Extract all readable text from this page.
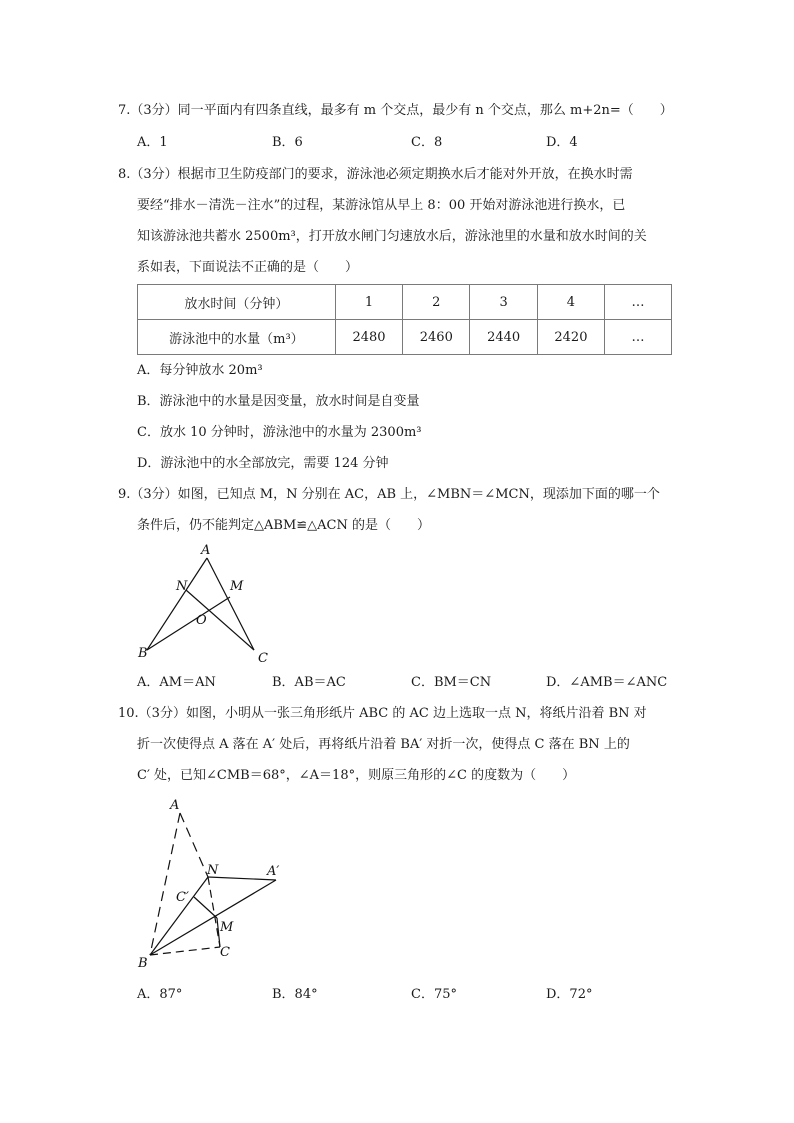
7.（3分）同一平面内有四条直线，最多有 m 个交点，最少有 n 个交点，那么 m+2n=（　　）
A．1	B．6	C．8	D．4
8.（3分）根据市卫生防疫部门的要求，游泳池必须定期换水后才能对外开放，在换水时需
要经“排水－清洗－注水”的过程，某游泳馆从早上 8：00 开始对游泳池进行换水，已
知该游泳池共蓄水 2500m³，打开放水闸门匀速放水后，游泳池里的水量和放水时间的关
系如表，下面说法不正确的是（　　）
放水时间（分钟）	1	2	3	4	…
游泳池中的水量（m³）	2480	2460	2440	2420	…
A．每分钟放水 20m³
B．游泳池中的水量是因变量，放水时间是自变量
C．放水 10 分钟时，游泳池中的水量为 2300m³
D．游泳池中的水全部放完，需要 124 分钟
9.（3分）如图，已知点 M，N 分别在 AC，AB 上，∠MBN＝∠MCN，现添加下面的哪一个
条件后，仍不能判定△ABM≌△ACN 的是（　　）
A
N	M
O
B	C
A．AM＝AN	B．AB＝AC	C．BM＝CN	D．∠AMB＝∠ANC
10.（3分）如图，小明从一张三角形纸片 ABC 的 AC 边上选取一点 N，将纸片沿着 BN 对
折一次使得点 A 落在 A′ 处后，再将纸片沿着 BA′ 对折一次，使得点 C 落在 BN 上的
C′ 处，已知∠CMB＝68°，∠A＝18°，则原三角形的∠C 的度数为（　　）
A
N	A′
C′
M
B
C
A．87°	B．84°	C．75°	D．72°
